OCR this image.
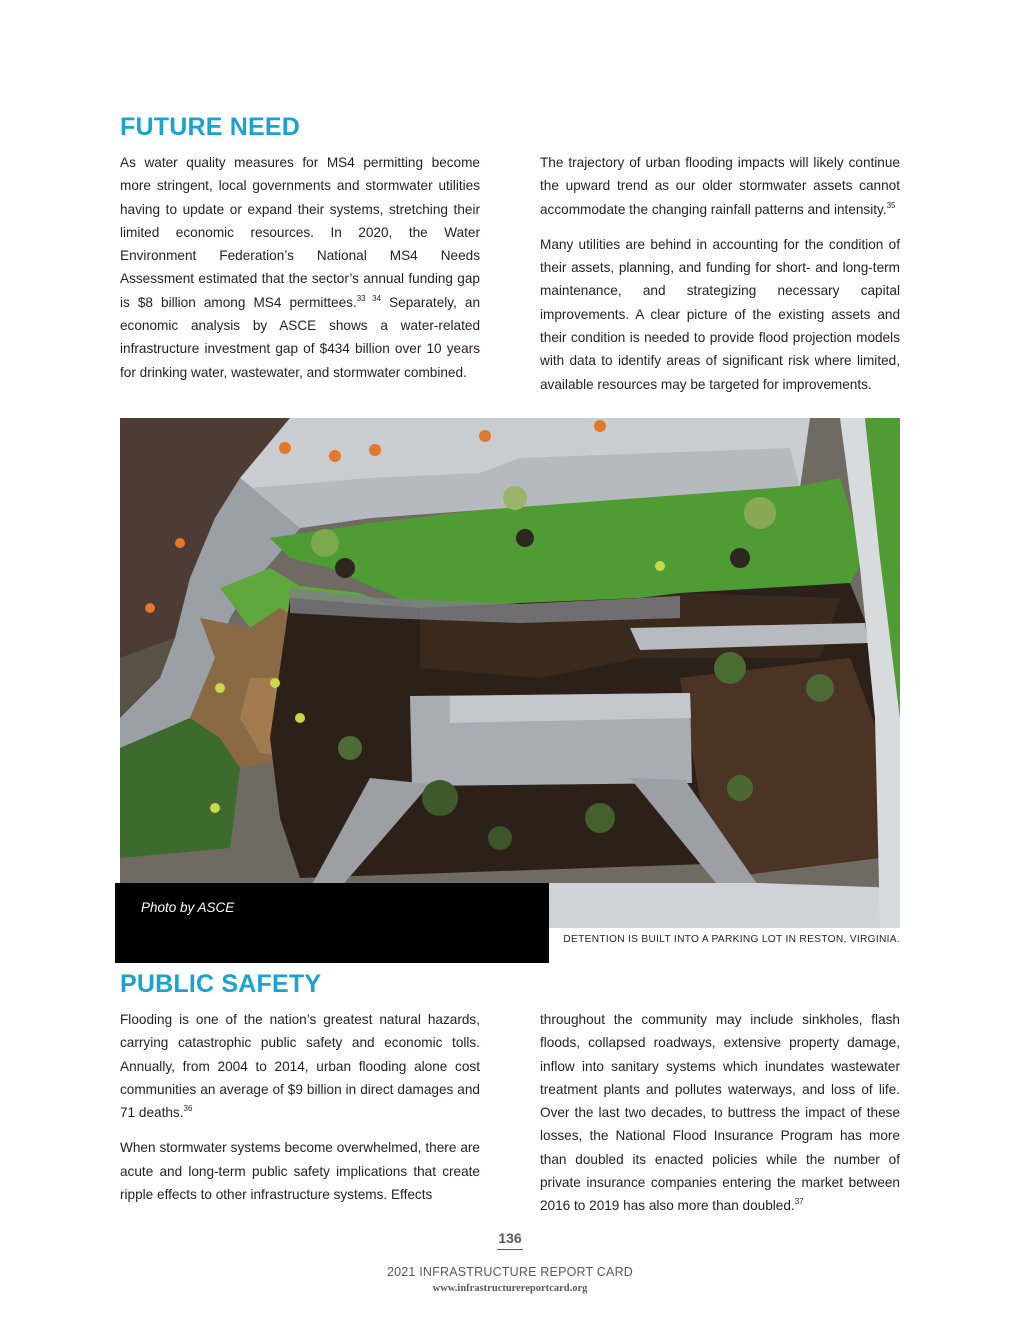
FUTURE NEED

As water quality measures for MS4 permitting become more stringent, local governments and stormwater utilities having to update or expand their systems, stretching their limited economic resources. In 2020, the Water Environment Federation’s National MS4 Needs Assessment estimated that the sector’s annual funding gap is $8 billion among MS4 permittees.$^{33 34}$ Separately, an economic analysis by ASCE shows a water-related infrastructure investment gap of $434 billion over 10 years for drinking water, wastewater, and stormwater combined.

The trajectory of urban flooding impacts will likely continue the upward trend as our older stormwater assets cannot accommodate the changing rainfall patterns and intensity.$^{35}$

Many utilities are behind in accounting for the condition of their assets, planning, and funding for short- and long-term maintenance, and strategizing necessary capital improvements. A clear picture of the existing assets and their condition is needed to provide flood projection models with data to identify areas of significant risk where limited, available resources may be targeted for improvements.

Photo by ASCE
DETENTION IS BUILT INTO A PARKING LOT IN RESTON, VIRGINIA.
PUBLIC SAFETY

Flooding is one of the nation’s greatest natural hazards, carrying catastrophic public safety and economic tolls. Annually, from 2004 to 2014, urban flooding alone cost communities an average of $9 billion in direct damages and 71 deaths.$^{36}$

When stormwater systems become overwhelmed, there are acute and long-term public safety implications that create ripple effects to other infrastructure systems. Effects

throughout the community may include sinkholes, flash floods, collapsed roadways, extensive property damage, inflow into sanitary systems which inundates wastewater treatment plants and pollutes waterways, and loss of life. Over the last two decades, to buttress the impact of these losses, the National Flood Insurance Program has more than doubled its enacted policies while the number of private insurance companies entering the market between 2016 to 2019 has also more than doubled.$^{37}$

136
2021 INFRASTRUCTURE REPORT CARD
www.infrastructurereportcard.org
